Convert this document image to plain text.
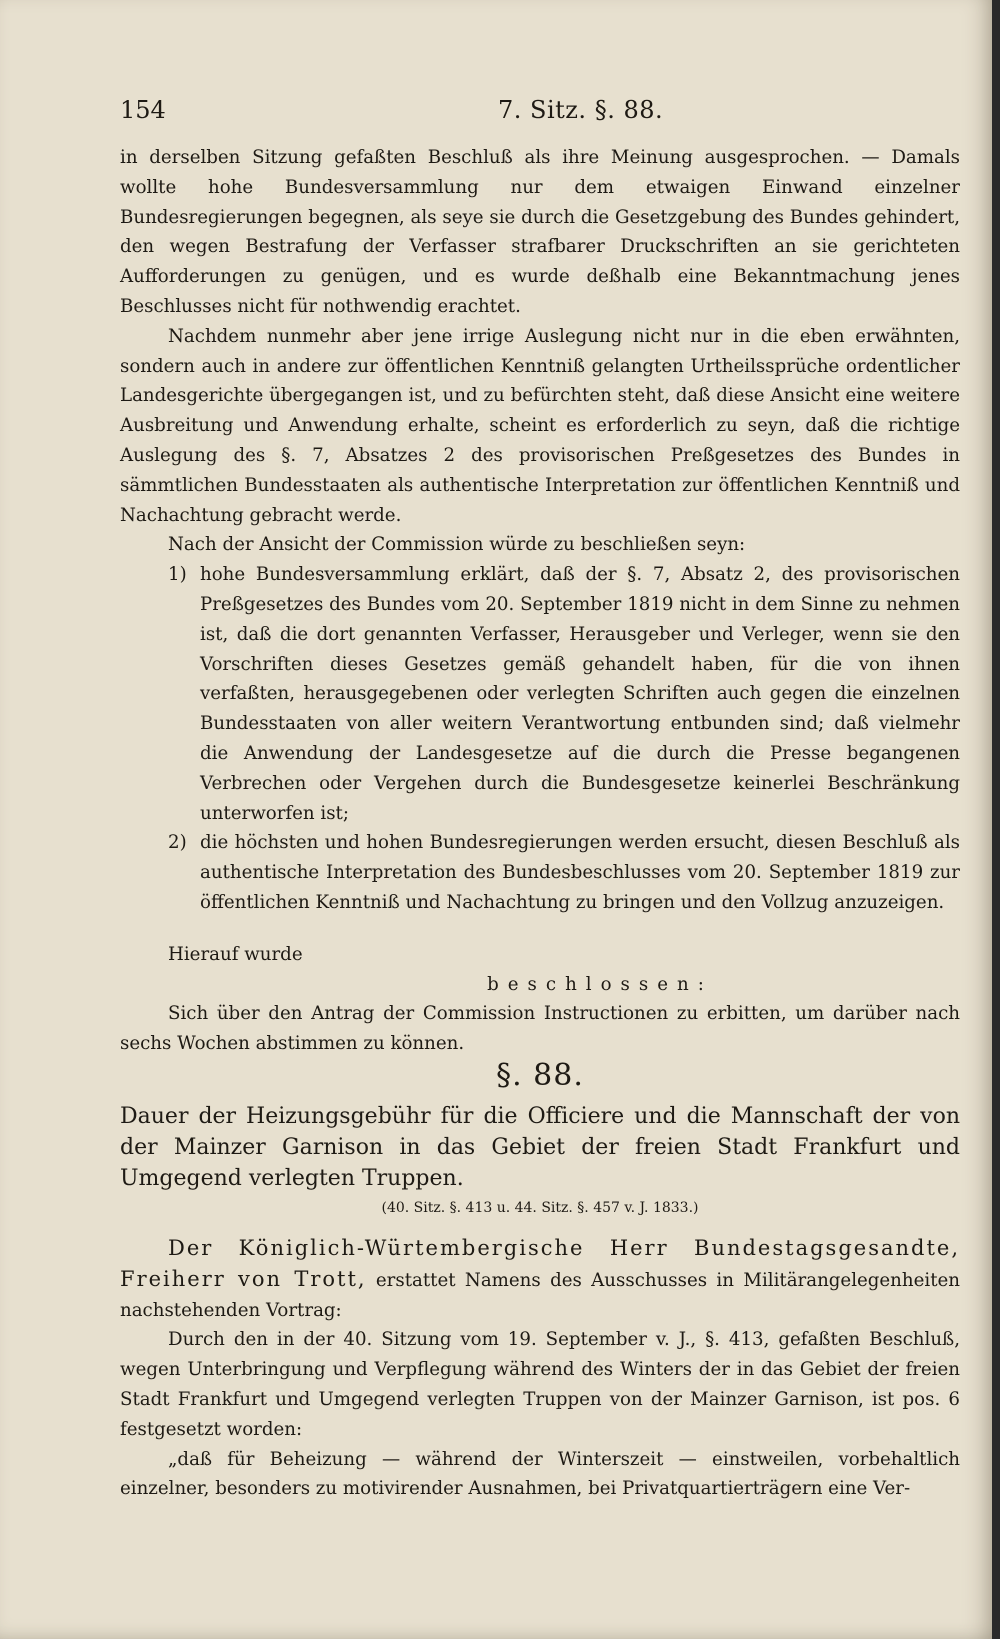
154	7. Sitz. §. 88.

in derselben Sitzung gefaßten Beschluß als ihre Meinung ausgesprochen. — Damals wollte hohe Bundesversammlung nur dem etwaigen Einwand einzelner Bundesregierungen begegnen, als seye sie durch die Gesetzgebung des Bundes gehindert, den wegen Bestrafung der Verfasser strafbarer Druckschriften an sie gerichteten Aufforderungen zu genügen, und es wurde deßhalb eine Bekanntmachung jenes Beschlusses nicht für nothwendig erachtet.

Nachdem nunmehr aber jene irrige Auslegung nicht nur in die eben erwähnten, sondern auch in andere zur öffentlichen Kenntniß gelangten Urtheilssprüche ordentlicher Landesgerichte übergegangen ist, und zu befürchten steht, daß diese Ansicht eine weitere Ausbreitung und Anwendung erhalte, scheint es erforderlich zu seyn, daß die richtige Auslegung des §. 7, Absatzes 2 des provisorischen Preßgesetzes des Bundes in sämmtlichen Bundesstaaten als authentische Interpretation zur öffentlichen Kenntniß und Nachachtung gebracht werde.

Nach der Ansicht der Commission würde zu beschließen seyn:

1) hohe Bundesversammlung erklärt, daß der §. 7, Absatz 2, des provisorischen Preßgesetzes des Bundes vom 20. September 1819 nicht in dem Sinne zu nehmen ist, daß die dort genannten Verfasser, Herausgeber und Verleger, wenn sie den Vorschriften dieses Gesetzes gemäß gehandelt haben, für die von ihnen verfaßten, herausgegebenen oder verlegten Schriften auch gegen die einzelnen Bundesstaaten von aller weitern Verantwortung entbunden sind; daß vielmehr die Anwendung der Landesgesetze auf die durch die Presse begangenen Verbrechen oder Vergehen durch die Bundesgesetze keinerlei Beschränkung unterworfen ist;

2) die höchsten und hohen Bundesregierungen werden ersucht, diesen Beschluß als authentische Interpretation des Bundesbeschlusses vom 20. September 1819 zur öffentlichen Kenntniß und Nachachtung zu bringen und den Vollzug anzuzeigen.

Hierauf wurde

beschlossen:

Sich über den Antrag der Commission Instructionen zu erbitten, um darüber nach sechs Wochen abstimmen zu können.

§. 88.
Dauer der Heizungsgebühr für die Officiere und die Mannschaft der von der Mainzer Garnison in das Gebiet der freien Stadt Frankfurt und Umgegend verlegten Truppen.
(40. Sitz. §. 413 u. 44. Sitz. §. 457 v. J. 1833.)

Der Königlich-Würtembergische Herr Bundestagsgesandte, Freiherr von Trott, erstattet Namens des Ausschusses in Militärangelegenheiten nachstehenden Vortrag:

Durch den in der 40. Sitzung vom 19. September v. J., §. 413, gefaßten Beschluß, wegen Unterbringung und Verpflegung während des Winters der in das Gebiet der freien Stadt Frankfurt und Umgegend verlegten Truppen von der Mainzer Garnison, ist pos. 6 festgesetzt worden:

„daß für Beheizung — während der Winterszeit — einstweilen, vorbehaltlich einzelner, besonders zu motivirender Ausnahmen, bei Privatquartierträgern eine Ver-
